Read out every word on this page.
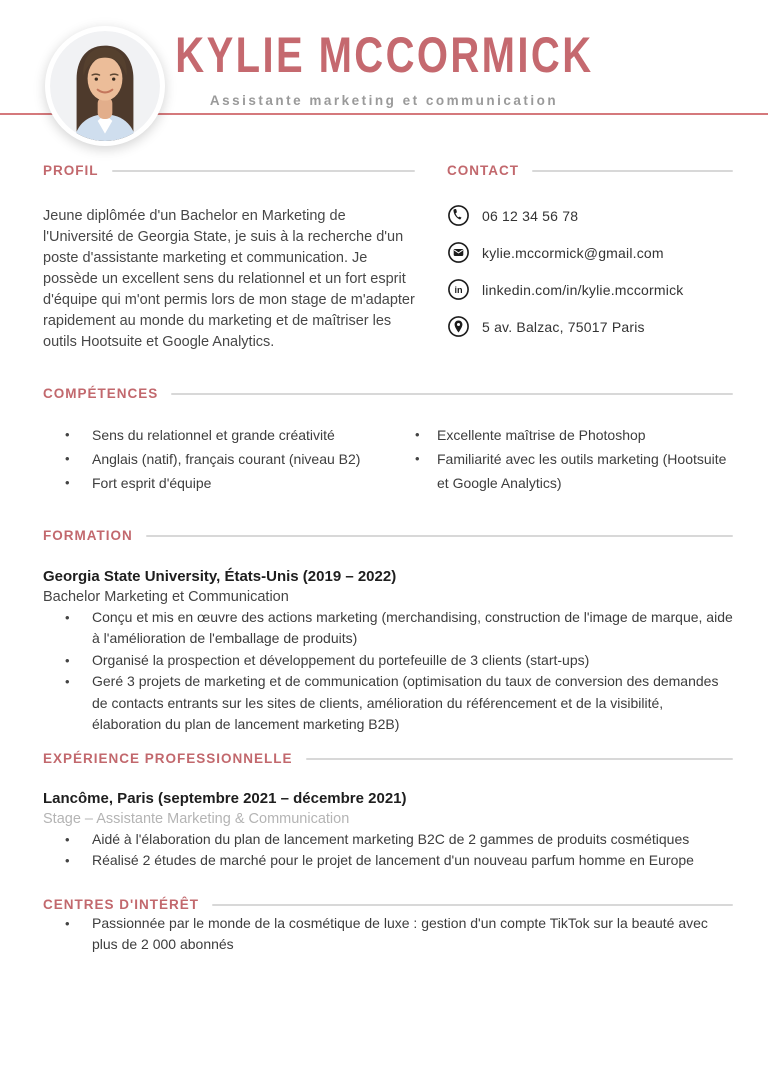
KYLIE MCCORMICK
Assistante marketing et communication
PROFIL
Jeune diplômée d'un Bachelor en Marketing de l'Université de Georgia State, je suis à la recherche d'un poste d'assistante marketing et communication. Je possède un excellent sens du relationnel et un fort esprit d'équipe qui m'ont permis lors de mon stage de m'adapter rapidement au monde du marketing et de maîtriser les outils Hootsuite et Google Analytics.
CONTACT
06 12 34 56 78
kylie.mccormick@gmail.com
in linkedin.com/in/kylie.mccormick
5 av. Balzac, 75017 Paris
COMPÉTENCES
•	Sens du relationnel et grande créativité
•	Anglais (natif), français courant (niveau B2)
•	Fort esprit d'équipe
•	Excellente maîtrise de Photoshop
•	Familiarité avec les outils marketing (Hootsuite et Google Analytics)
FORMATION
Georgia State University, États-Unis (2019 – 2022)
Bachelor Marketing et Communication
•	Conçu et mis en œuvre des actions marketing (merchandising, construction de l'image de marque, aide à l'amélioration de l'emballage de produits)
•	Organisé la prospection et développement du portefeuille de 3 clients (start-ups)
•	Geré 3 projets de marketing et de communication (optimisation du taux de conversion des demandes de contacts entrants sur les sites de clients, amélioration du référencement et de la visibilité, élaboration du plan de lancement marketing B2B)
EXPÉRIENCE PROFESSIONNELLE
Lancôme, Paris (septembre 2021 – décembre 2021)
Stage – Assistante Marketing & Communication
•	Aidé à l'élaboration du plan de lancement marketing B2C de 2 gammes de produits cosmétiques
•	Réalisé 2 études de marché pour le projet de lancement d'un nouveau parfum homme en Europe
CENTRES D'INTÉRÊT
•	Passionnée par le monde de la cosmétique de luxe : gestion d'un compte TikTok sur la beauté avec plus de 2 000 abonnés
